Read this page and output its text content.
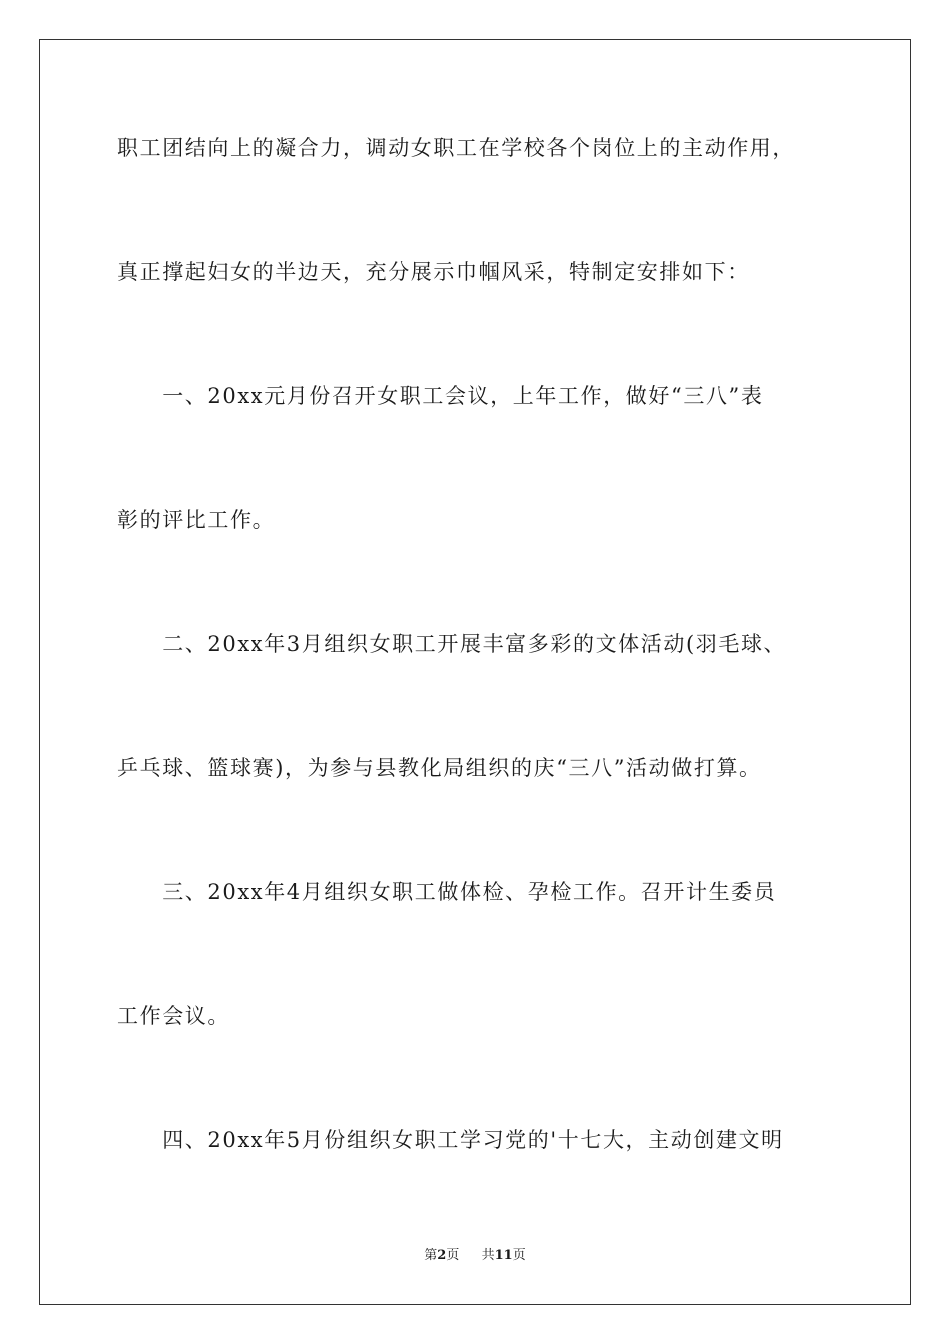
职工团结向上的凝合力，调动女职工在学校各个岗位上的主动作用，
真正撑起妇女的半边天，充分展示巾帼风采，特制定安排如下：
　　一、20xx元月份召开女职工会议，上年工作，做好“三八”表
彰的评比工作。
　　二、20xx年3月组织女职工开展丰富多彩的文体活动(羽毛球、
乒乓球、篮球赛)，为参与县教化局组织的庆“三八”活动做打算。
　　三、20xx年4月组织女职工做体检、孕检工作。召开计生委员
工作会议。
　　四、20xx年5月份组织女职工学习党的'十七大，主动创建文明
第2页 共11页
